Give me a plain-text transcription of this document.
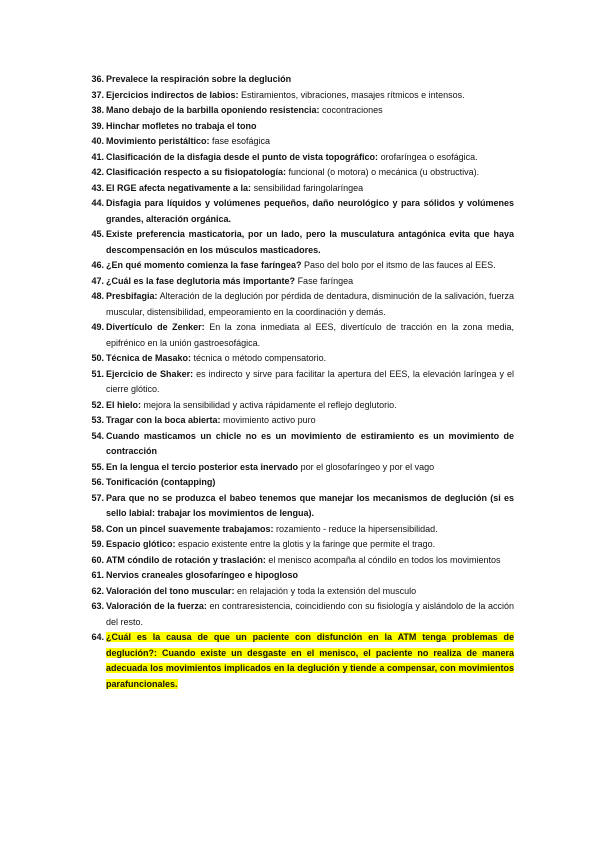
36. Prevalece la respiración sobre la deglución
37. Ejercicios indirectos de labios: Estiramientos, vibraciones, masajes rítmicos e intensos.
38. Mano debajo de la barbilla oponiendo resistencia: cocontraciones
39. Hinchar mofletes no trabaja el tono
40. Movimiento peristáltico: fase esofágica
41. Clasificación de la disfagia desde el punto de vista topográfico: orofaríngea o esofágica.
42. Clasificación respecto a su fisiopatología: funcional (o motora) o mecánica (u obstructiva).
43. El RGE afecta negativamente a la: sensibilidad faringolaríngea
44. Disfagia para líquidos y volúmenes pequeños, daño neurológico y para sólidos y volúmenes grandes, alteración orgánica.
45. Existe preferencia masticatoria, por un lado, pero la musculatura antagónica evita que haya descompensación en los músculos masticadores.
46. ¿En qué momento comienza la fase faríngea? Paso del bolo por el itsmo de las fauces al EES.
47. ¿Cuál es la fase deglutoria más importante? Fase faríngea
48. Presbifagia: Alteración de la deglución por pérdida de dentadura, disminución de la salivación, fuerza muscular, distensibilidad, empeoramiento en la coordinación y demás.
49. Divertículo de Zenker: En la zona inmediata al EES, divertículo de tracción en la zona media, epifrénico en la unión gastroesofágica.
50. Técnica de Masako: técnica o método compensatorio.
51. Ejercicio de Shaker: es indirecto y sirve para facilitar la apertura del EES, la elevación laríngea y el cierre glótico.
52. El hielo: mejora la sensibilidad y activa rápidamente el reflejo deglutorio.
53. Tragar con la boca abierta: movimiento activo puro
54. Cuando masticamos un chicle no es un movimiento de estiramiento es un movimiento de contracción
55. En la lengua el tercio posterior esta inervado por el glosofaríngeo y por el vago
56. Tonificación (contapping)
57. Para que no se produzca el babeo tenemos que manejar los mecanismos de deglución (si es sello labial: trabajar los movimientos de lengua).
58. Con un pincel suavemente trabajamos: rozamiento - reduce la hipersensibilidad.
59. Espacio glótico: espacio existente entre la glotis y la faringe que permite el trago.
60. ATM cóndilo de rotación y traslación: el menisco acompaña al cóndilo en todos los movimientos
61. Nervios craneales glosofaríngeo e hipogloso
62. Valoración del tono muscular: en relajación y toda la extensión del musculo
63. Valoración de la fuerza: en contraresistencia, coincidiendo con su fisiología y aislándolo de la acción del resto.
64. ¿Cuál es la causa de que un paciente con disfunción en la ATM tenga problemas de deglución?: Cuando existe un desgaste en el menisco, el paciente no realiza de manera adecuada los movimientos implicados en la deglución y tiende a compensar, con movimientos parafuncionales.
